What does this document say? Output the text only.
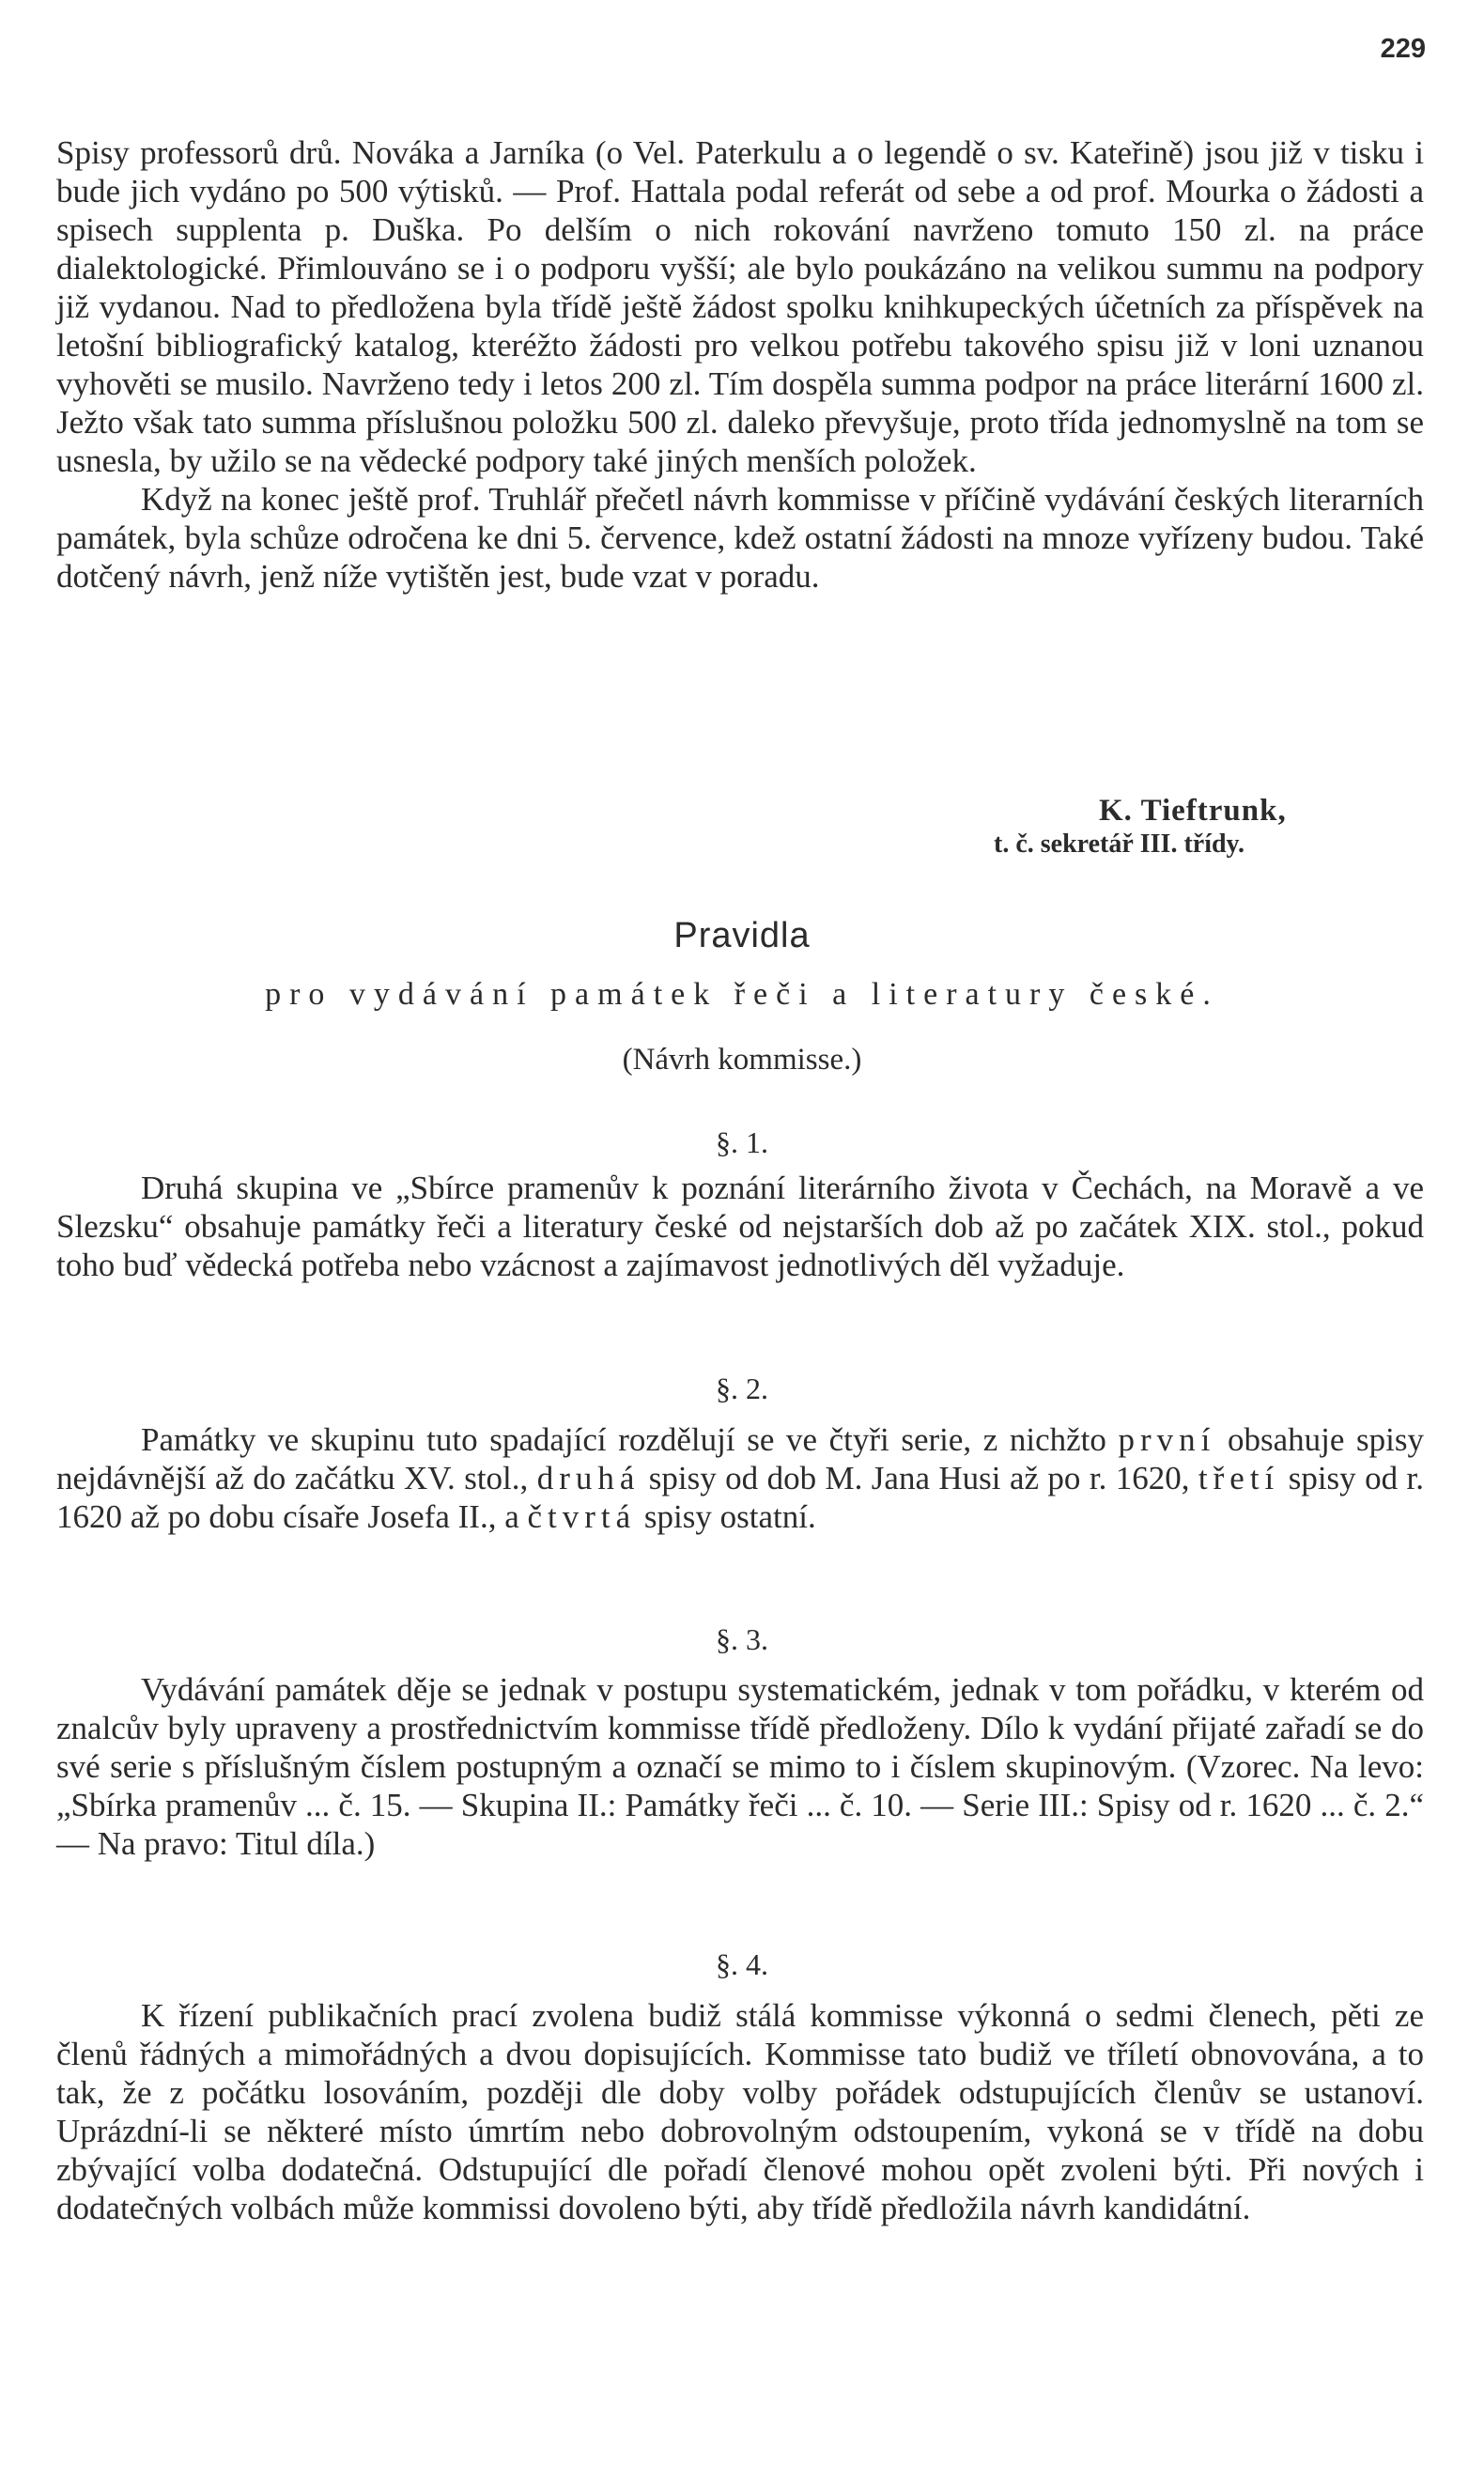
229

Spisy professorů drů. Nováka a Jarníka (o Vel. Paterkulu a o legendě o sv. Kateřině) jsou již v tisku i bude jich vydáno po 500 výtisků. — Prof. Hattala podal referát od sebe a od prof. Mourka o žádosti a spisech supplenta p. Duška. Po delším o nich rokování navrženo tomuto 150 zl. na práce dialektologické. Přimlouváno se i o podporu vyšší; ale bylo poukázáno na velikou summu na podpory již vydanou. Nad to předložena byla třídě ještě žádost spolku knihkupeckých účetních za příspěvek na letošní bibliografický katalog, kteréžto žádosti pro velkou potřebu takového spisu již v loni uznanou vyhověti se musilo. Navrženo tedy i letos 200 zl. Tím dospěla summa podpor na práce literární 1600 zl. Ježto však tato summa příslušnou položku 500 zl. daleko převyšuje, proto třída jednomyslně na tom se usnesla, by užilo se na vědecké podpory také jiných menších položek.

Když na konec ještě prof. Truhlář přečetl návrh kommisse v příčině vydávání českých literarních památek, byla schůze odročena ke dni 5. července, kdež ostatní žádosti na mnoze vyřízeny budou. Také dotčený návrh, jenž níže vytištěn jest, bude vzat v poradu.

K. Tieftrunk,
t. č. sekretář III. třídy.
Pravidla
pro vydávání památek řeči a literatury české.
(Návrh kommisse.)
§. 1.

Druhá skupina ve „Sbírce pramenův k poznání literárního života v Čechách, na Moravě a ve Slezsku“ obsahuje památky řeči a literatury české od nejstarších dob až po začátek XIX. stol., pokud toho buď vědecká potřeba nebo vzácnost a zajímavost jednotlivých děl vyžaduje.

§. 2.

Památky ve skupinu tuto spadající rozdělují se ve čtyři serie, z nichžto první obsahuje spisy nejdávnější až do začátku XV. stol., druhá spisy od dob M. Jana Husi až po r. 1620, třetí spisy od r. 1620 až po dobu císaře Josefa II., a čtvrtá spisy ostatní.

§. 3.

Vydávání památek děje se jednak v postupu systematickém, jednak v tom pořádku, v kterém od znalcův byly upraveny a prostřednictvím kommisse třídě předloženy. Dílo k vydání přijaté zařadí se do své serie s příslušným číslem postupným a označí se mimo to i číslem skupinovým. (Vzorec. Na levo: „Sbírka pramenův ... č. 15. — Skupina II.: Památky řeči ... č. 10. — Serie III.: Spisy od r. 1620 ... č. 2.“ — Na pravo: Titul díla.)

§. 4.

K řízení publikačních prací zvolena budiž stálá kommisse výkonná o sedmi členech, pěti ze členů řádných a mimořádných a dvou dopisujících. Kommisse tato budiž ve tříletí obnovována, a to tak, že z počátku losováním, později dle doby volby pořádek odstupujících členův se ustanoví. Uprázdní-li se některé místo úmrtím nebo dobrovolným odstoupením, vykoná se v třídě na dobu zbývající volba dodatečná. Odstupující dle pořadí členové mohou opět zvoleni býti. Při nových i dodatečných volbách může kommissi dovoleno býti, aby třídě předložila návrh kandidátní.
